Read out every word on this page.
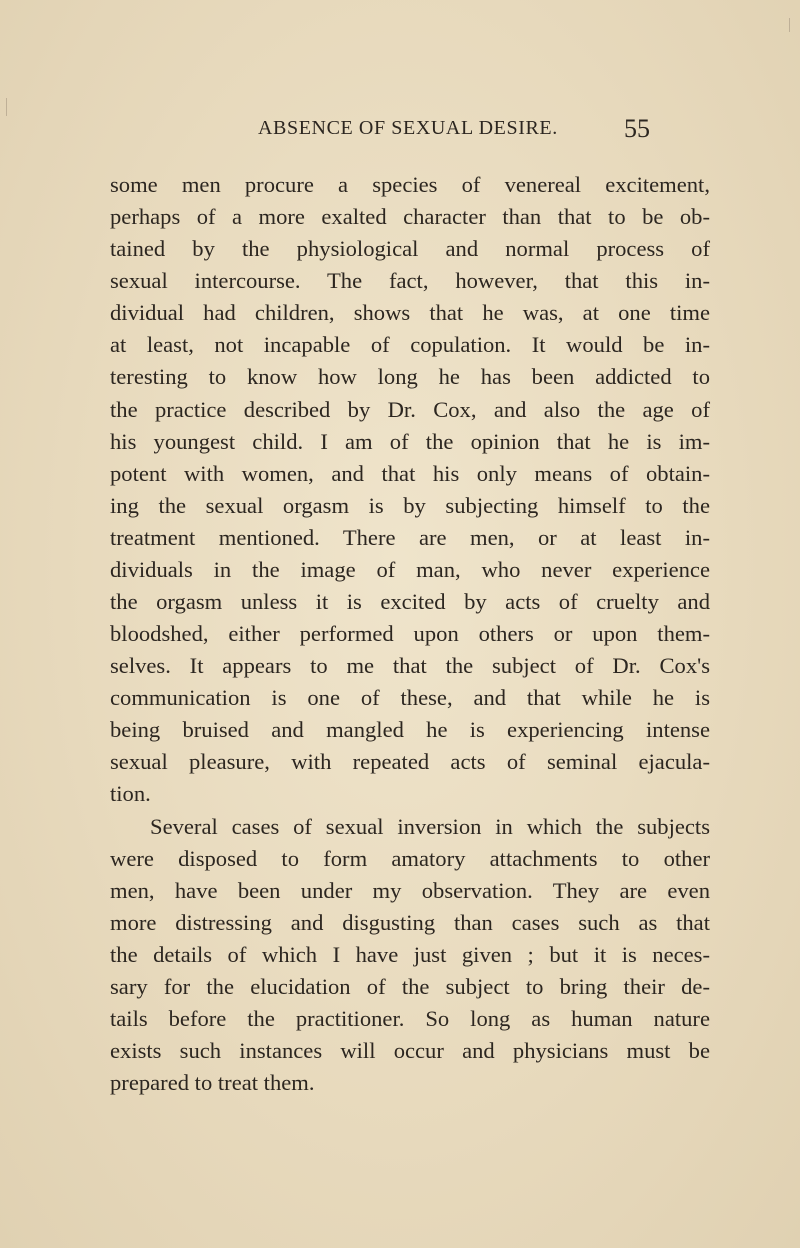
ABSENCE OF SEXUAL DESIRE.	55
some men procure a species of venereal excitement,
perhaps of a more exalted character than that to be ob-
tained by the physiological and normal process of
sexual intercourse. The fact, however, that this in-
dividual had children, shows that he was, at one time
at least, not incapable of copulation. It would be in-
teresting to know how long he has been addicted to
the practice described by Dr. Cox, and also the age of
his youngest child. I am of the opinion that he is im-
potent with women, and that his only means of obtain-
ing the sexual orgasm is by subjecting himself to the
treatment mentioned. There are men, or at least in-
dividuals in the image of man, who never experience
the orgasm unless it is excited by acts of cruelty and
bloodshed, either performed upon others or upon them-
selves. It appears to me that the subject of Dr. Cox's
communication is one of these, and that while he is
being bruised and mangled he is experiencing intense
sexual pleasure, with repeated acts of seminal ejacula-
tion.
Several cases of sexual inversion in which the subjects
were disposed to form amatory attachments to other
men, have been under my observation. They are even
more distressing and disgusting than cases such as that
the details of which I have just given ; but it is neces-
sary for the elucidation of the subject to bring their de-
tails before the practitioner. So long as human nature
exists such instances will occur and physicians must be
prepared to treat them.
